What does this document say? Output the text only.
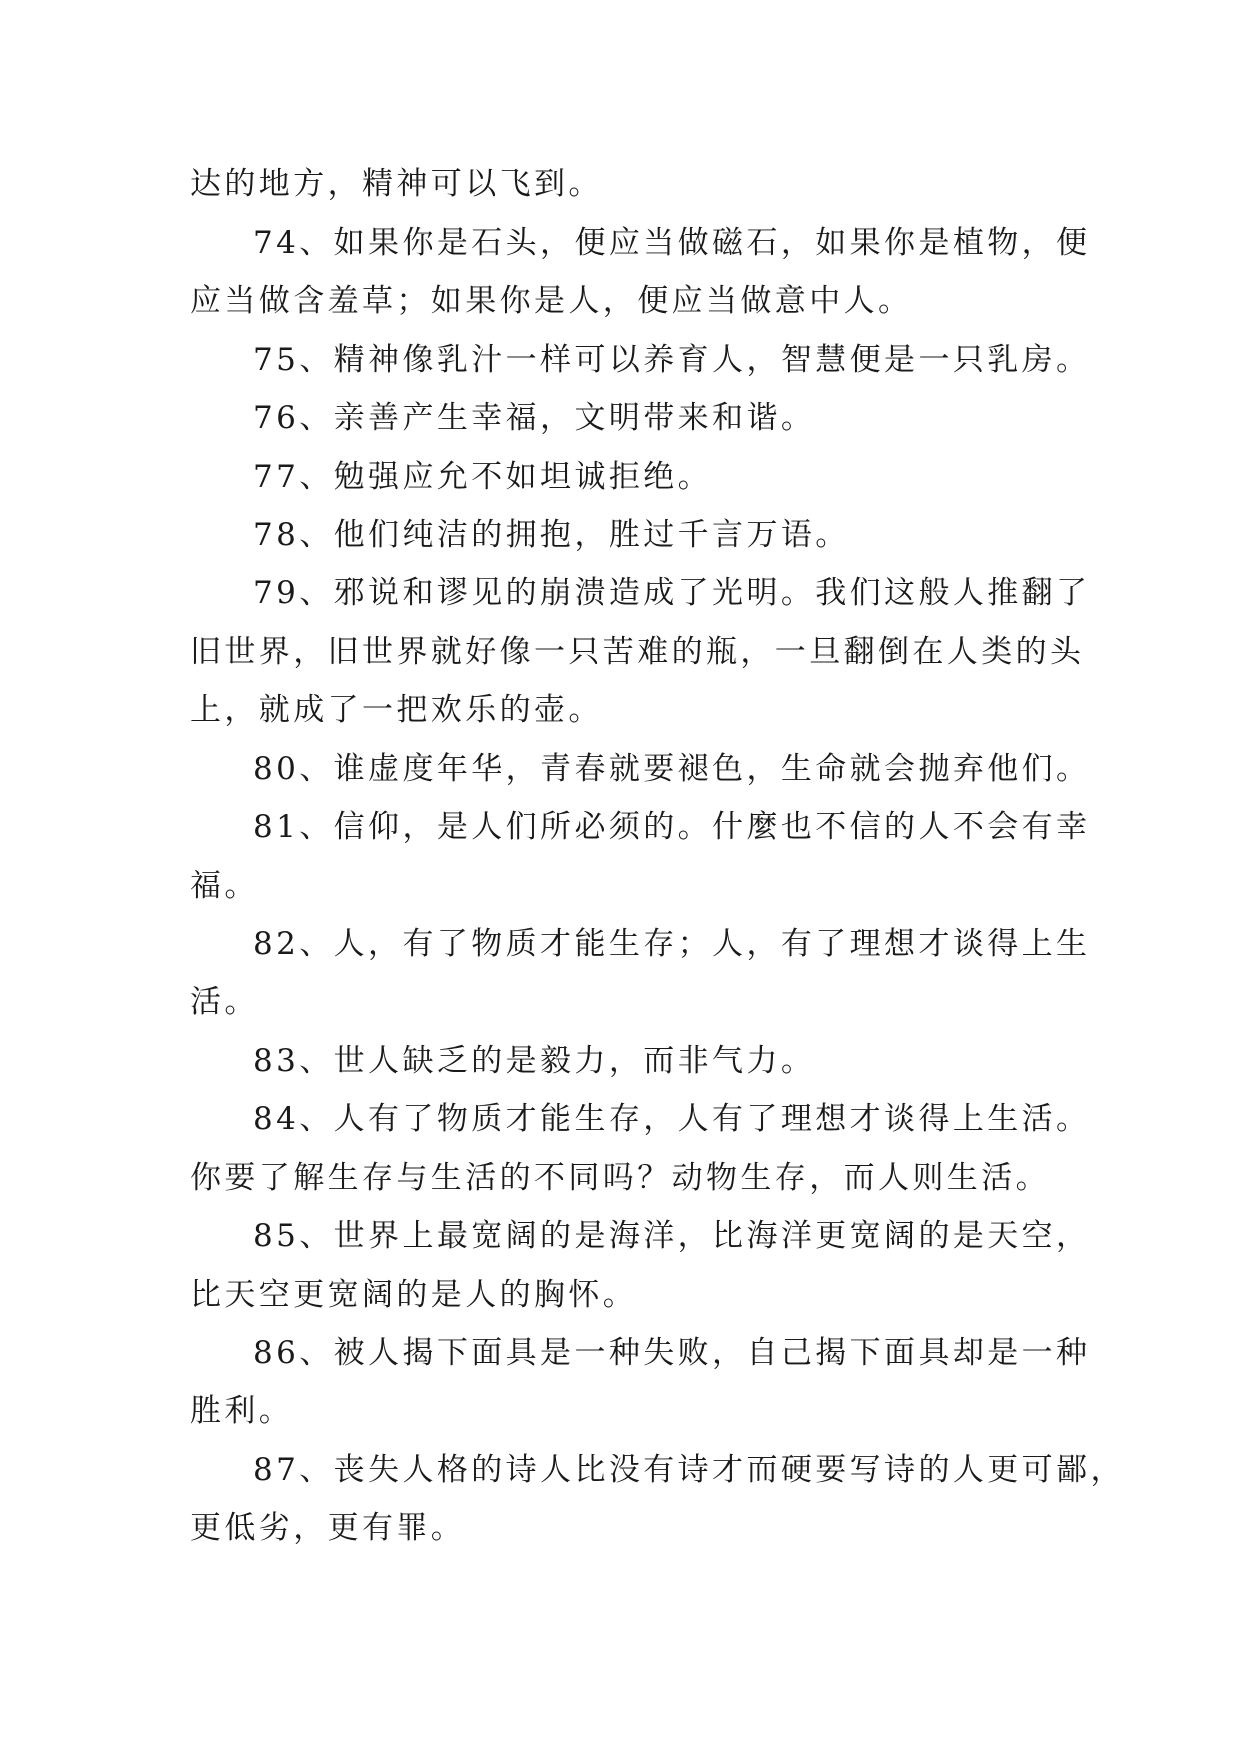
达的地方，精神可以飞到。
74、如果你是石头，便应当做磁石，如果你是植物，便
应当做含羞草；如果你是人，便应当做意中人。
75、精神像乳汁一样可以养育人，智慧便是一只乳房。
76、亲善产生幸福，文明带来和谐。
77、勉强应允不如坦诚拒绝。
78、他们纯洁的拥抱，胜过千言万语。
79、邪说和谬见的崩溃造成了光明。我们这般人推翻了
旧世界，旧世界就好像一只苦难的瓶，一旦翻倒在人类的头
上，就成了一把欢乐的壶。
80、谁虚度年华，青春就要褪色，生命就会抛弃他们。
81、信仰，是人们所必须的。什麼也不信的人不会有幸
福。
82、人，有了物质才能生存；人，有了理想才谈得上生
活。
83、世人缺乏的是毅力，而非气力。
84、人有了物质才能生存，人有了理想才谈得上生活。
你要了解生存与生活的不同吗？动物生存，而人则生活。
85、世界上最宽阔的是海洋，比海洋更宽阔的是天空，
比天空更宽阔的是人的胸怀。
86、被人揭下面具是一种失败，自己揭下面具却是一种
胜利。
87、丧失人格的诗人比没有诗才而硬要写诗的人更可鄙，
更低劣，更有罪。
